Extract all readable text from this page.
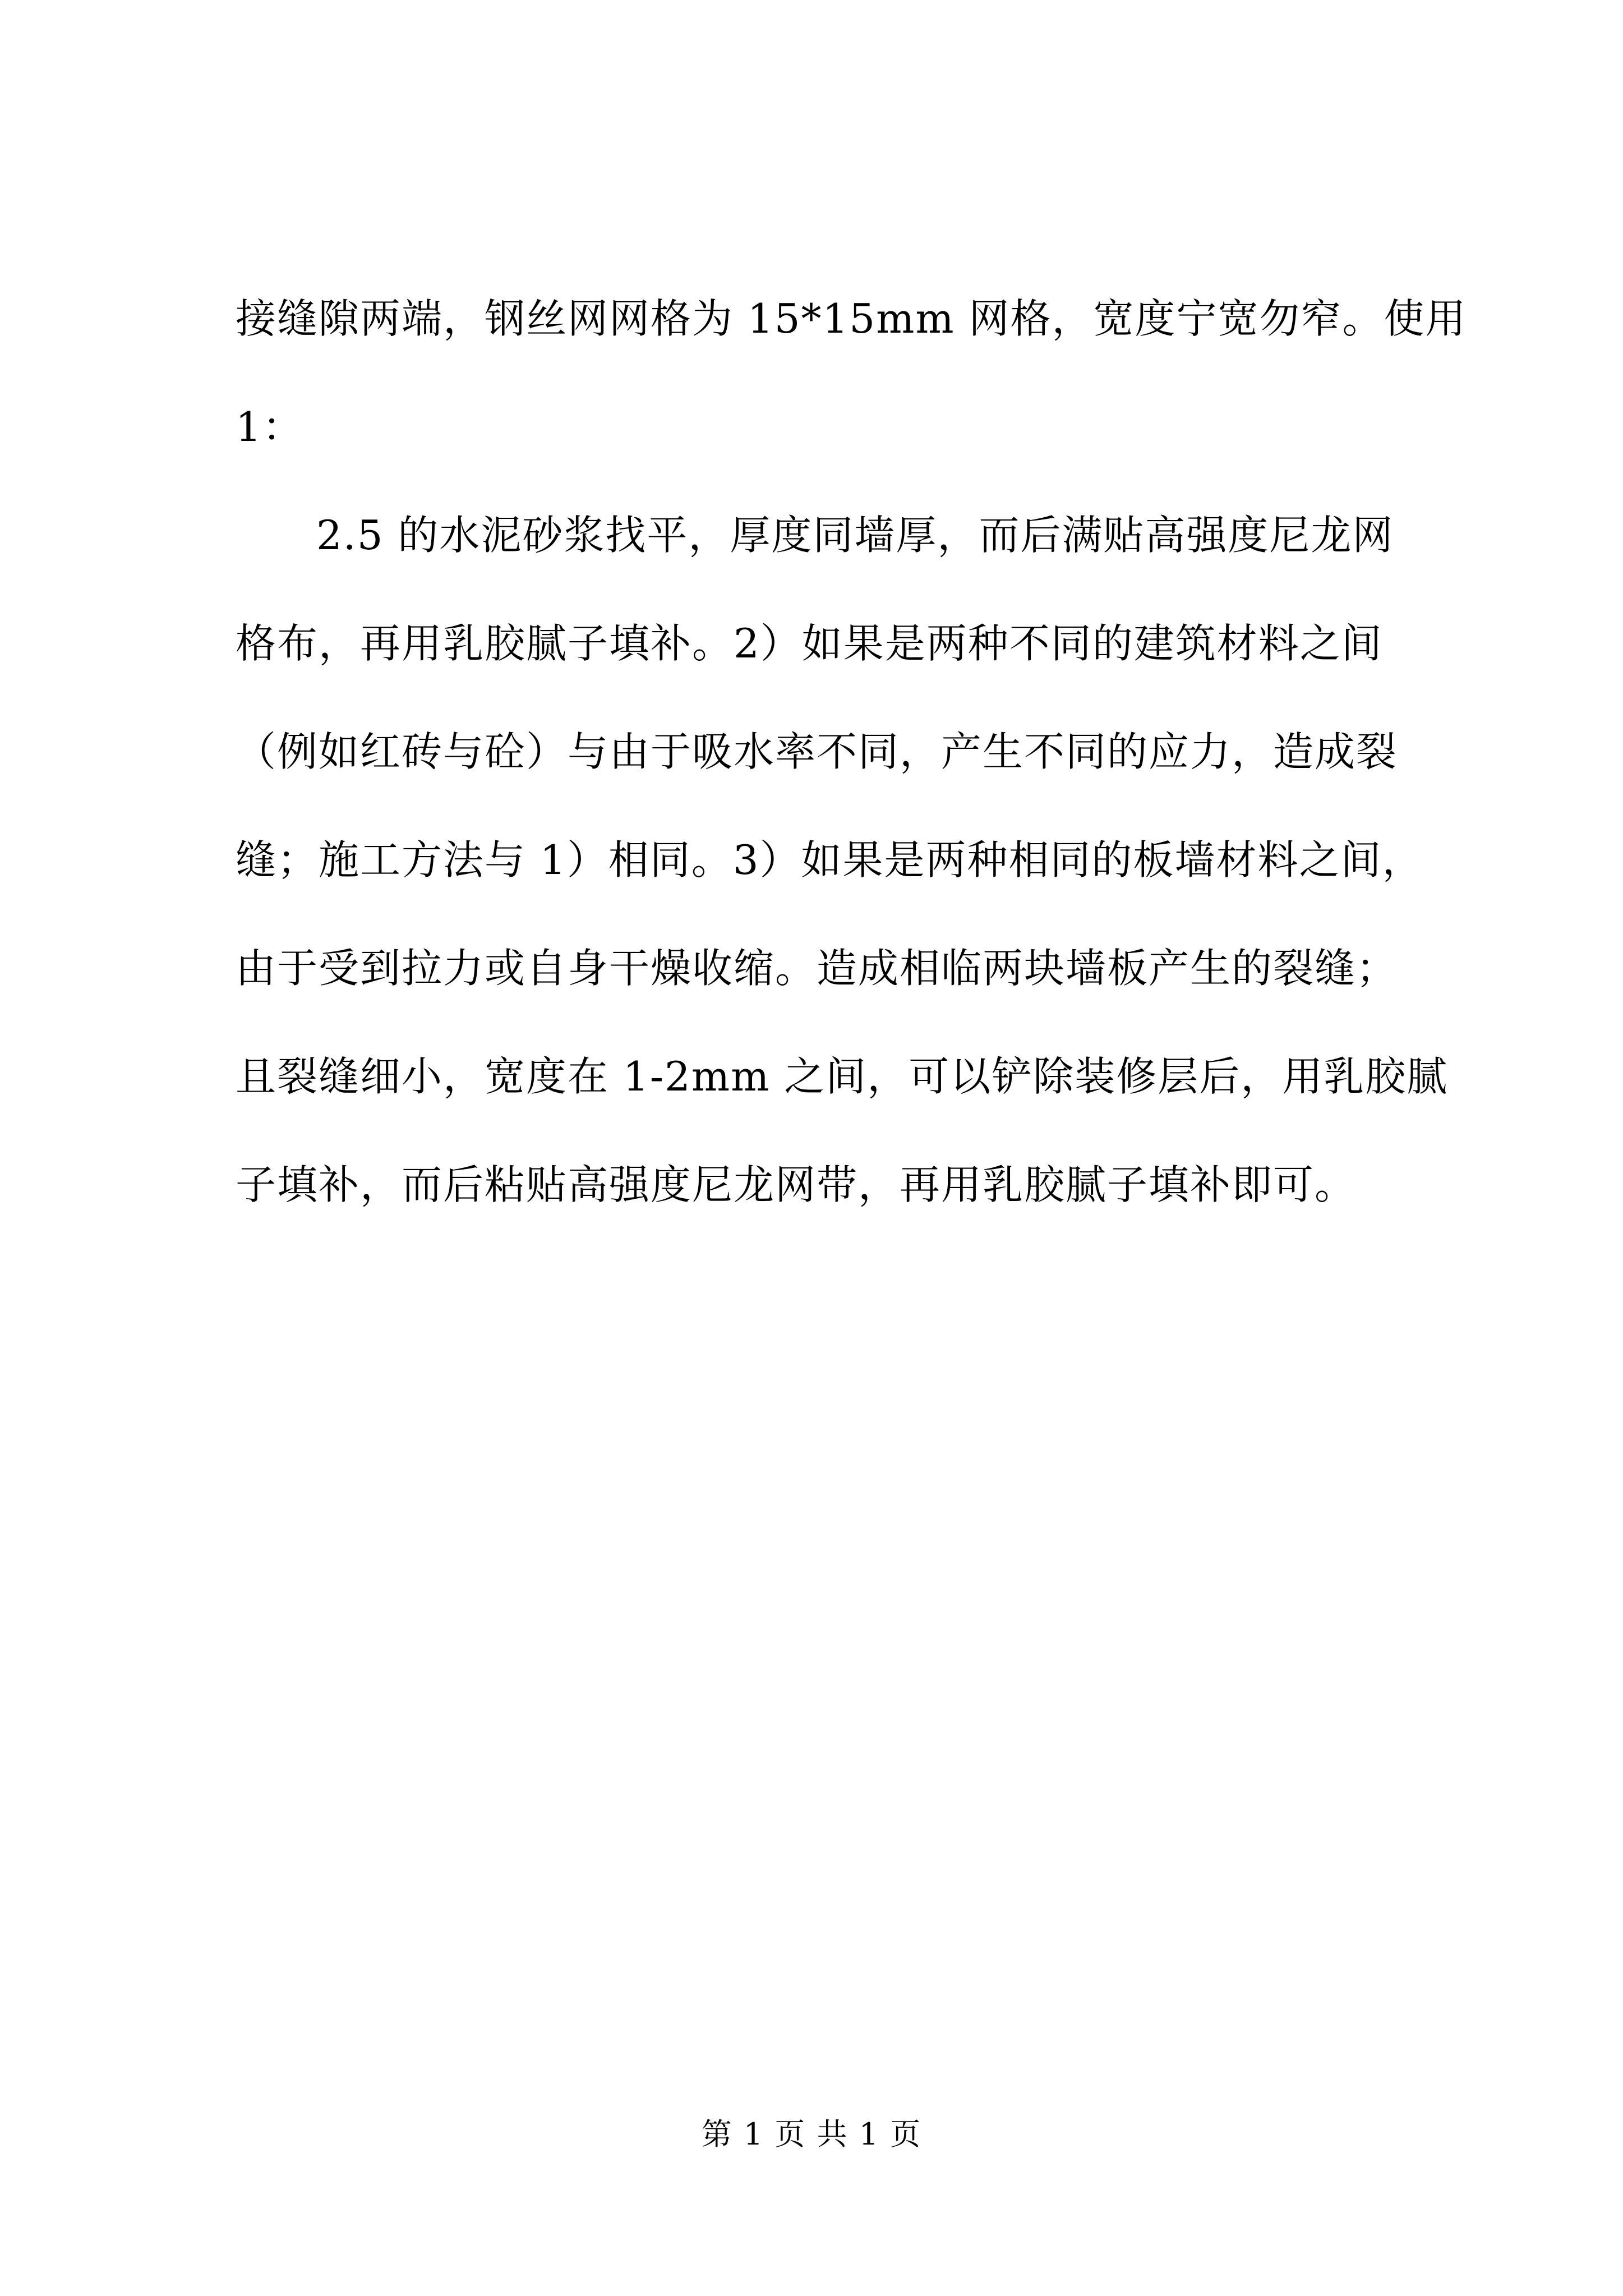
接缝隙两端，钢丝网网格为 15*15mm 网格，宽度宁宽勿窄。使用
1：
2.5 的水泥砂浆找平，厚度同墙厚，而后满贴高强度尼龙网
格布，再用乳胶腻子填补。2）如果是两种不同的建筑材料之间
（例如红砖与砼）与由于吸水率不同，产生不同的应力，造成裂
缝；施工方法与 1）相同。3）如果是两种相同的板墙材料之间，
由于受到拉力或自身干燥收缩。造成相临两块墙板产生的裂缝；
且裂缝细小，宽度在 1-2mm 之间，可以铲除装修层后，用乳胶腻
子填补，而后粘贴高强度尼龙网带，再用乳胶腻子填补即可。
第 1 页 共 1 页
